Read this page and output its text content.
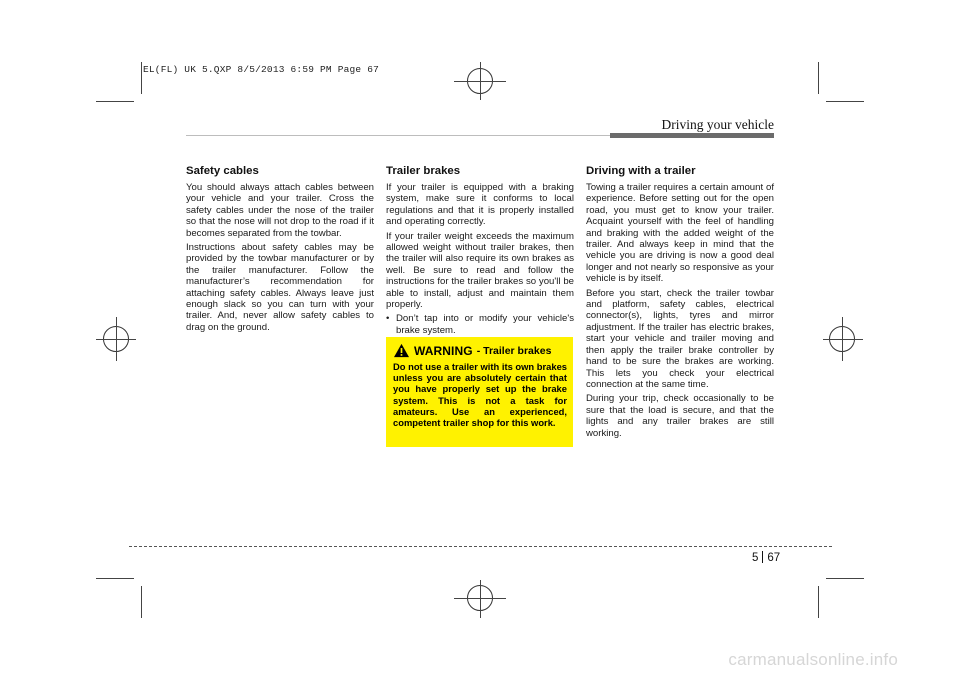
EL(FL) UK 5.QXP 8/5/2013 6:59 PM Page 67
Driving your vehicle
Safety cables

You should always attach cables between your vehicle and your trailer. Cross the safety cables under the nose of the trailer so that the nose will not drop to the road if it becomes separated from the towbar.

Instructions about safety cables may be provided by the towbar manufacturer or by the trailer manufacturer. Follow the manufacturer’s recommendation for attaching safety cables. Always leave just enough slack so you can turn with your trailer. And, never allow safety cables to drag on the ground.

Trailer brakes

If your trailer is equipped with a braking system, make sure it conforms to local regulations and that it is properly installed and operating correctly.

If your trailer weight exceeds the maximum allowed weight without trailer brakes, then the trailer will also require its own brakes as well. Be sure to read and follow the instructions for the trailer brakes so you'll be able to install, adjust and maintain them properly.

• Don’t tap into or modify your vehicle's brake system.

WARNING - Trailer brakes

Do not use a trailer with its own brakes unless you are absolutely certain that you have properly set up the brake system. This is not a task for amateurs. Use an experienced, competent trailer shop for this work.

Driving with a trailer

Towing a trailer requires a certain amount of experience. Before setting out for the open road, you must get to know your trailer. Acquaint yourself with the feel of handling and braking with the added weight of the trailer. And always keep in mind that the vehicle you are driving is now a good deal longer and not nearly so responsive as your vehicle is by itself.

Before you start, check the trailer towbar and platform, safety cables, electrical connector(s), lights, tyres and mirror adjustment. If the trailer has electric brakes, start your vehicle and trailer moving and then apply the trailer brake controller by hand to be sure the brakes are working. This lets you check your electrical connection at the same time.

During your trip, check occasionally to be sure that the load is secure, and that the lights and any trailer brakes are still working.

5 67
carmanualsonline.info
